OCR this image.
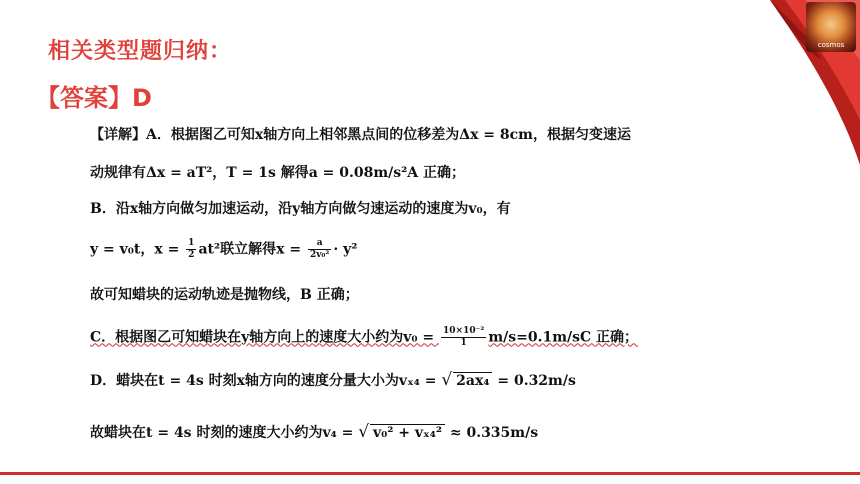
cosmos
相关类型题归纳：
【答案】D
【详解】A．根据图乙可知x轴方向上相邻黑点间的位移差为Δx = 8cm，根据匀变速运
动规律有Δx = aT²，T = 1s 解得a = 0.08m/s²A 正确；
B．沿x轴方向做匀加速运动，沿y轴方向做匀速运动的速度为v₀，有
y = v₀t，$x = \frac{1}{2} at^2$联立解得$x = \frac{a}{\text{2v₀²}} \cdot y^2$
故可知蜡块的运动轨迹是抛物线，B 正确；
C．根据图乙可知蜡块在y轴方向上的速度大小约为$v_0 = \frac{\text{10×10⁻²}}{1} m/s=0.1m/sC$ 正确；
D．蜡块在t = 4s 时刻x轴方向的速度分量大小为vₓ₄ = √ 2ax₄ = 0.32m/s
故蜡块在t = 4s 时刻的速度大小约为v₄ = √ v₀² + vₓ₄² ≈ 0.335m/s
